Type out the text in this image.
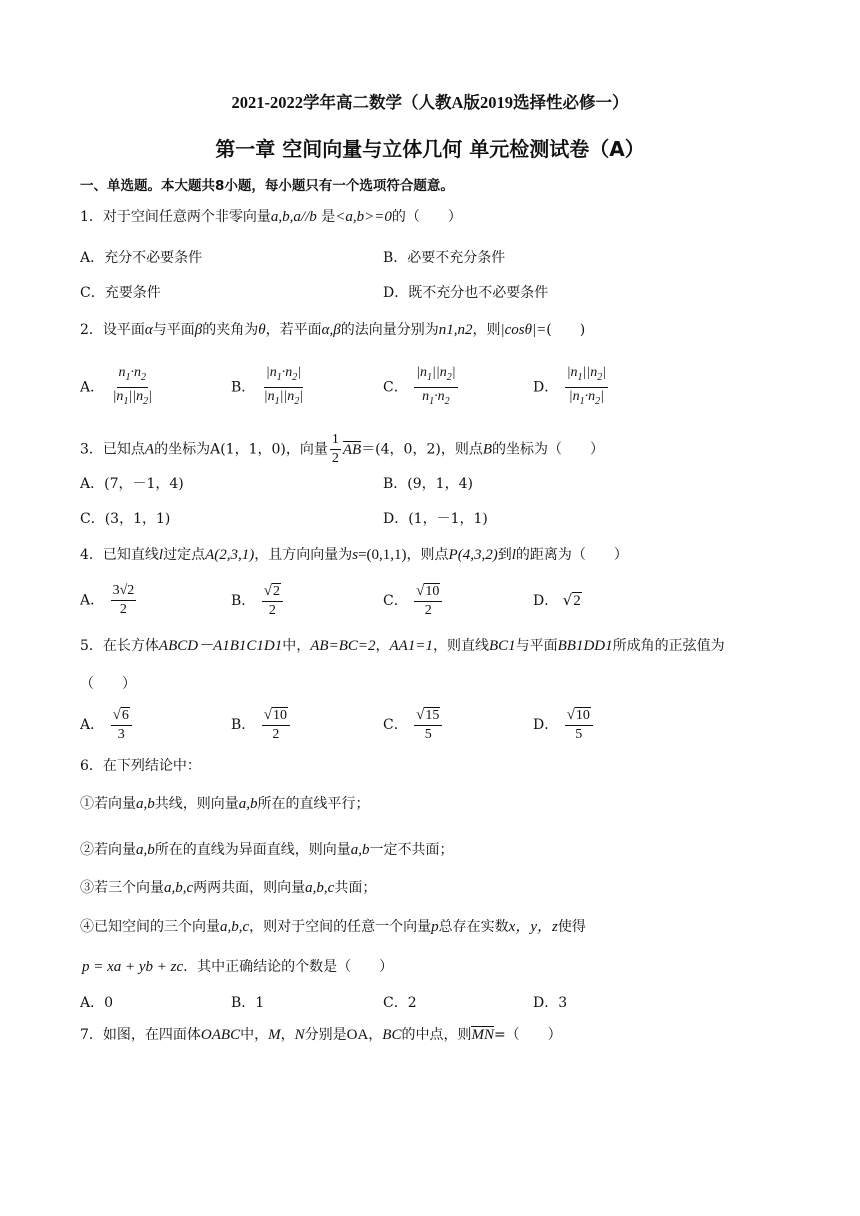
2021-2022学年高二数学（人教A版2019选择性必修一）
第一章 空间向量与立体几何 单元检测试卷（A）
一、单选题。本大题共8小题，每小题只有一个选项符合题意。
1．对于空间任意两个非零向量a,b,a//b 是<a,b>=0的（　　）
A．充分不必要条件	B．必要不充分条件
C．充要条件	D．既不充分也不必要条件
2．设平面α与平面β的夹角为θ，若平面α,β的法向量分别为n1,n2，则|cosθ|=(　　)
A． $\frac{n_1\cdot n_2}{|n_1||n_2|}$	B． $\frac{|n_1\cdot n_2|}{|n_1||n_2|}$	C． $\frac{|n_1||n_2|}{n_1\cdot n_2}$	D． $\frac{|n_1||n_2|}{|n_1\cdot n_2|}$
3．已知点A的坐标为A(1，1，0)，向量 $\frac{1}{2} AB=(4$，0，2)，则点B的坐标为（　　）
A．(7，－1，4)	B．(9，1，4)
C．(3，1，1)	D．(1，－1，1)
4．已知直线l过定点A(2,3,1)，且方向向量为s=(0,1,1)，则点P(4,3,2)到l的距离为（　　）
A． $\frac{3√2}{2}$	B． $\frac{√2}{2}$	C． $\frac{√10}{2}$	D． √2
5．在长方体ABCD－A1B1C1D1中，AB=BC=2，AA1=1，则直线BC1与平面BB1DD1所成角的正弦值为
（　　）
A． $\frac{√6}{3}$	B． $\frac{√10}{2}$	C． $\frac{√15}{5}$	D． $\frac{√10}{5}$
6．在下列结论中：
①若向量a,b共线，则向量a,b所在的直线平行；
②若向量a,b所在的直线为异面直线，则向量a,b一定不共面；
③若三个向量a,b,c两两共面，则向量a,b,c共面；
④已知空间的三个向量a,b,c，则对于空间的任意一个向量p总存在实数x，y，z使得
p = xa + yb + zc．其中正确结论的个数是（　　）
A．0	B．1	C．2	D．3
7．如图，在四面体OABC中，M，N分别是OA，BC的中点，则MN=（　　）
